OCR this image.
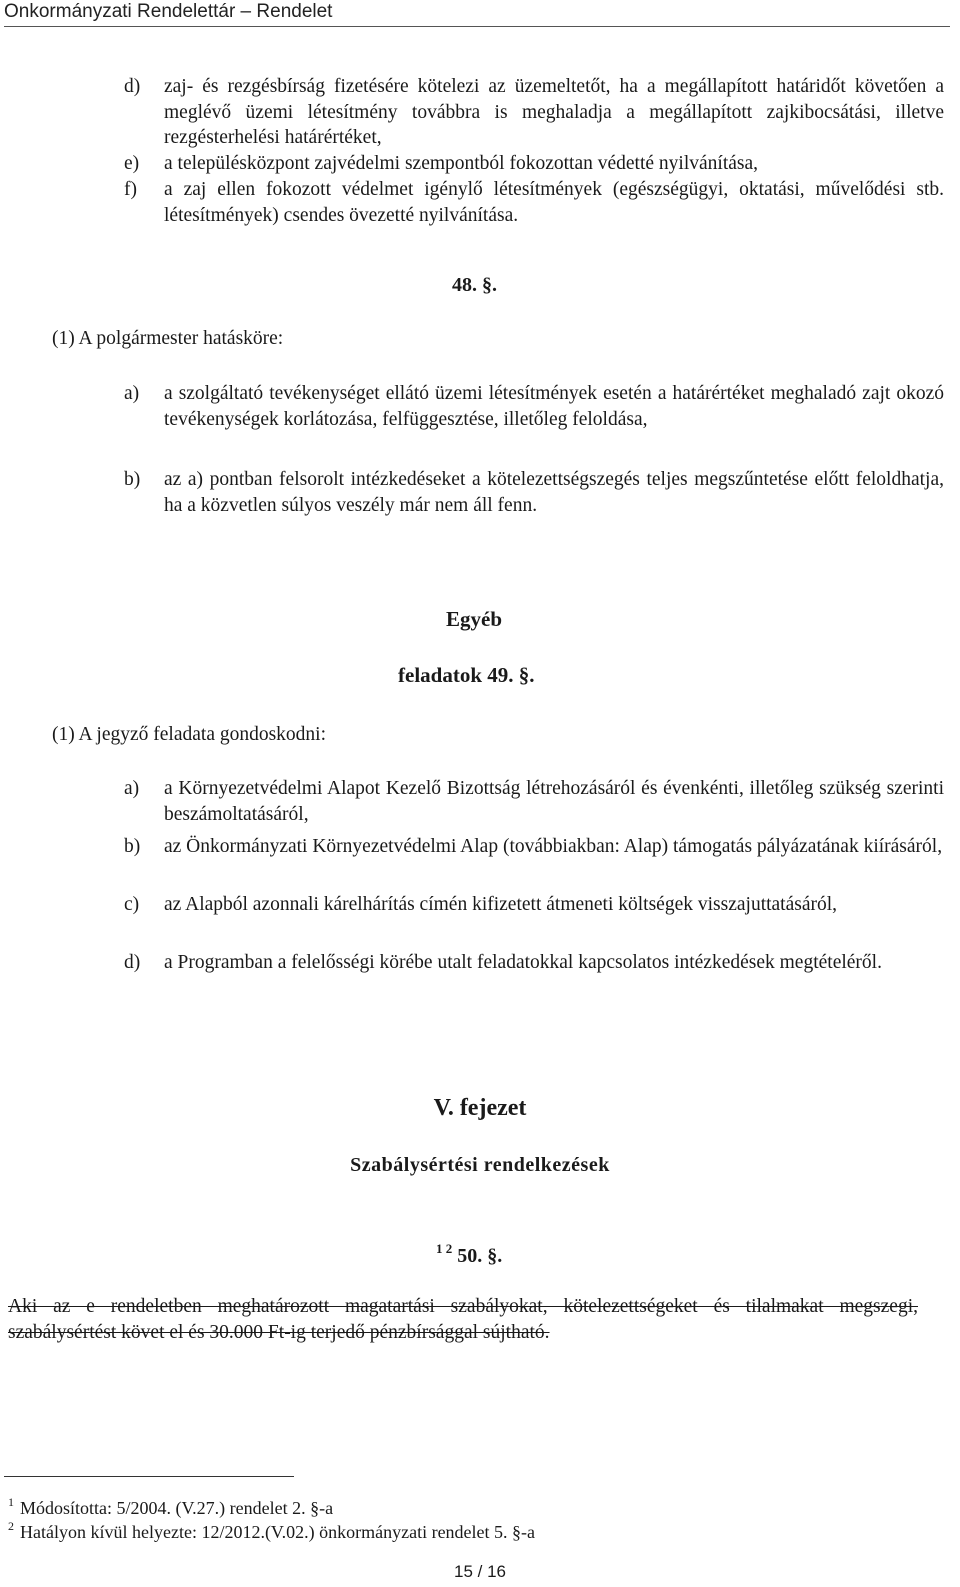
Onkormányzati Rendelettár – Rendelet
d)	zaj- és rezgésbírság fizetésére kötelezi az üzemeltetőt, ha a megállapított határidőt követően a meglévő üzemi létesítmény továbbra is meghaladja a megállapított zajkibocsátási, illetve rezgésterhelési határértéket,
e)	a településközpont zajvédelmi szempontból fokozottan védetté nyilvánítása,
f)	a zaj ellen fokozott védelmet igénylő létesítmények (egészségügyi, oktatási, művelődési stb. létesítmények) csendes övezetté nyilvánítása.
48. §.
(1) A polgármester hatásköre:
a)	a szolgáltató tevékenységet ellátó üzemi létesítmények esetén a határértéket meghaladó zajt okozó tevékenységek korlátozása, felfüggesztése, illetőleg feloldása,
b)	az a) pontban felsorolt intézkedéseket a kötelezettségszegés teljes megszűntetése előtt feloldhatja, ha a közvetlen súlyos veszély már nem áll fenn.
Egyéb
feladatok 49. §.
(1) A jegyző feladata gondoskodni:
a)	a Környezetvédelmi Alapot Kezelő Bizottság létrehozásáról és évenkénti, illetőleg szükség szerinti beszámoltatásáról,
b)	az Önkormányzati Környezetvédelmi Alap (továbbiakban: Alap) támogatás pályázatának kiírásáról,
c)	az Alapból azonnali kárelhárítás címén kifizetett átmeneti költségek visszajuttatásáról,
d)	a Programban a felelősségi körébe utalt feladatokkal kapcsolatos intézkedések megtételéről.
V. fejezet
Szabálysértési rendelkezések
$^{1 2}$ 50. §.
Aki az e rendeletben meghatározott magatartási szabályokat, kötelezettségeket és tilalmakat megszegi, szabálysértést követ el és 30.000 Ft-ig terjedő pénzbírsággal sújtható.
$^1$ Módosította: 5/2004. (V.27.) rendelet 2. §-a
$^2$ Hatályon kívül helyezte: 12/2012.(V.02.) önkormányzati rendelet 5. §-a
15 / 16
